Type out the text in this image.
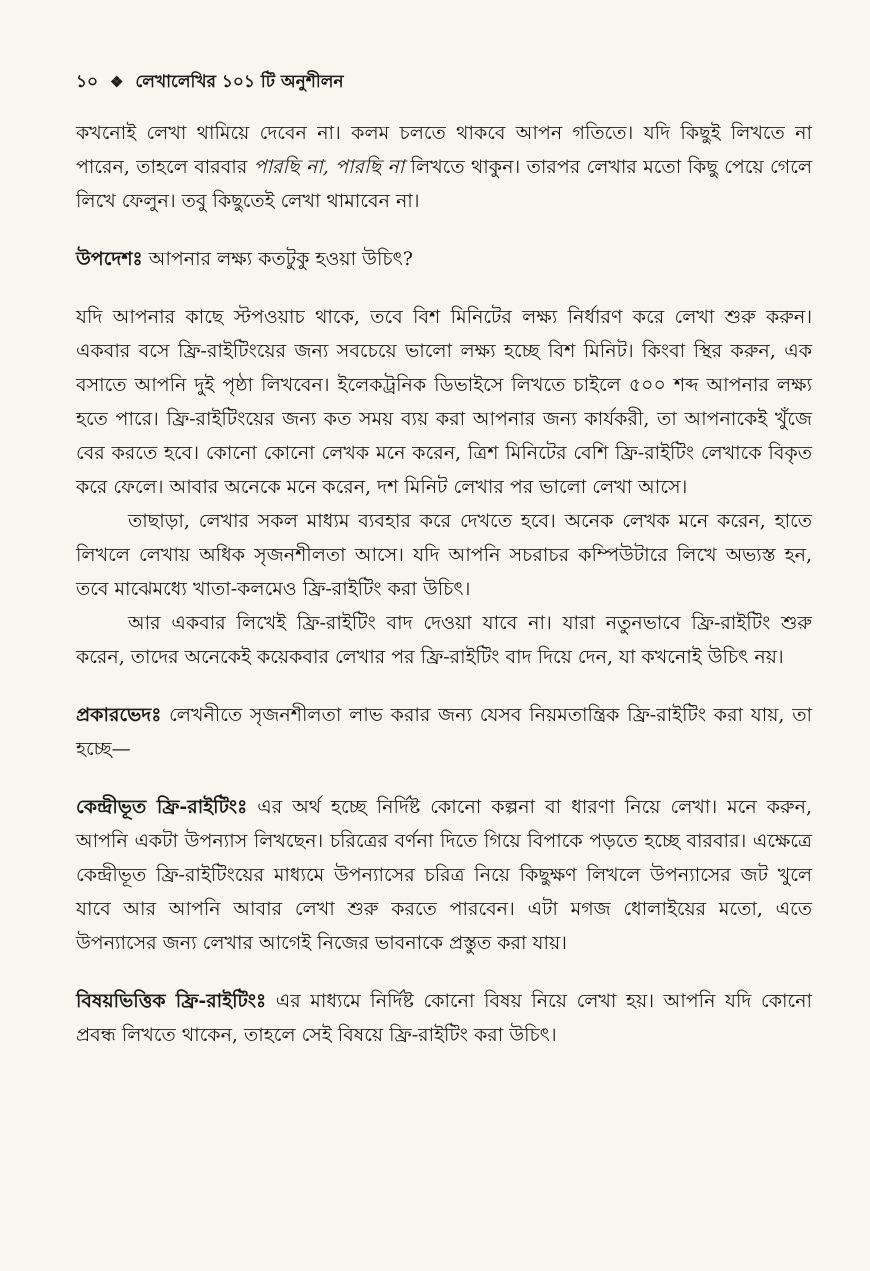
১০ ❖ লেখালেখির ১০১ টি অনুশীলন

কখনোই লেখা থামিয়ে দেবেন না। কলম চলতে থাকবে আপন গতিতে। যদি কিছুই লিখতে না পারেন, তাহলে বারবার পারছি না, পারছি না লিখতে থাকুন। তারপর লেখার মতো কিছু পেয়ে গেলে লিখে ফেলুন। তবু কিছুতেই লেখা থামাবেন না।

উপদেশঃ আপনার লক্ষ্য কতটুকু হওয়া উচিৎ?

যদি আপনার কাছে স্টপওয়াচ থাকে, তবে বিশ মিনিটের লক্ষ্য নির্ধারণ করে লেখা শুরু করুন। একবার বসে ফ্রি-রাইটিংয়ের জন্য সবচেয়ে ভালো লক্ষ্য হচ্ছে বিশ মিনিট। কিংবা স্থির করুন, এক বসাতে আপনি দুই পৃষ্ঠা লিখবেন। ইলেকট্রনিক ডিভাইসে লিখতে চাইলে ৫০০ শব্দ আপনার লক্ষ্য হতে পারে। ফ্রি-রাইটিংয়ের জন্য কত সময় ব্যয় করা আপনার জন্য কার্যকরী, তা আপনাকেই খুঁজে বের করতে হবে। কোনো কোনো লেখক মনে করেন, ত্রিশ মিনিটের বেশি ফ্রি-রাইটিং লেখাকে বিকৃত করে ফেলে। আবার অনেকে মনে করেন, দশ মিনিট লেখার পর ভালো লেখা আসে।

তাছাড়া, লেখার সকল মাধ্যম ব্যবহার করে দেখতে হবে। অনেক লেখক মনে করেন, হাতে লিখলে লেখায় অধিক সৃজনশীলতা আসে। যদি আপনি সচরাচর কম্পিউটারে লিখে অভ্যস্ত হন, তবে মাঝেমধ্যে খাতা-কলমেও ফ্রি-রাইটিং করা উচিৎ।

আর একবার লিখেই ফ্রি-রাইটিং বাদ দেওয়া যাবে না। যারা নতুনভাবে ফ্রি-রাইটিং শুরু করেন, তাদের অনেকেই কয়েকবার লেখার পর ফ্রি-রাইটিং বাদ দিয়ে দেন, যা কখনোই উচিৎ নয়।

প্রকারভেদঃ লেখনীতে সৃজনশীলতা লাভ করার জন্য যেসব নিয়মতান্ত্রিক ফ্রি-রাইটিং করা যায়, তা হচ্ছে—

কেন্দ্রীভূত ফ্রি-রাইটিংঃ এর অর্থ হচ্ছে নির্দিষ্ট কোনো কল্পনা বা ধারণা নিয়ে লেখা। মনে করুন, আপনি একটা উপন্যাস লিখছেন। চরিত্রের বর্ণনা দিতে গিয়ে বিপাকে পড়তে হচ্ছে বারবার। এক্ষেত্রে কেন্দ্রীভূত ফ্রি-রাইটিংয়ের মাধ্যমে উপন্যাসের চরিত্র নিয়ে কিছুক্ষণ লিখলে উপন্যাসের জট খুলে যাবে আর আপনি আবার লেখা শুরু করতে পারবেন। এটা মগজ ধোলাইয়ের মতো, এতে উপন্যাসের জন্য লেখার আগেই নিজের ভাবনাকে প্রস্তুত করা যায়।

বিষয়ভিত্তিক ফ্রি-রাইটিংঃ এর মাধ্যমে নির্দিষ্ট কোনো বিষয় নিয়ে লেখা হয়। আপনি যদি কোনো প্রবন্ধ লিখতে থাকেন, তাহলে সেই বিষয়ে ফ্রি-রাইটিং করা উচিৎ।
